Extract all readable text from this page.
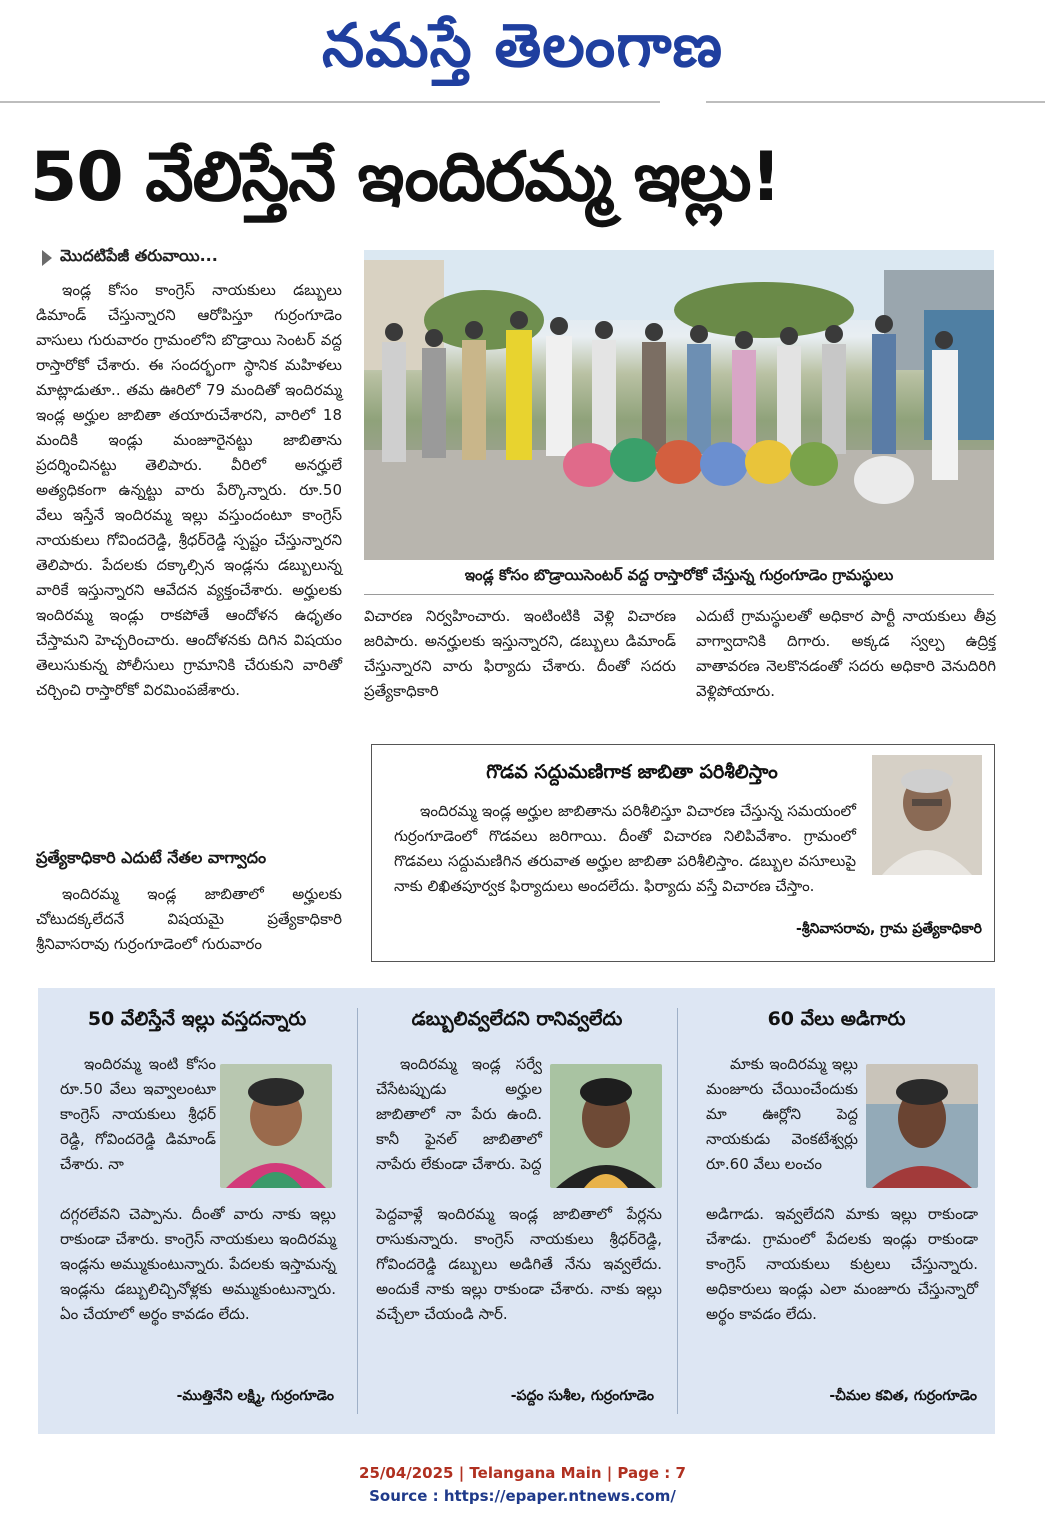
నమస్తే తెలంగాణ
50 వేలిస్తేనే ఇందిరమ్మ ఇల్లు!
మొదటిపేజీ తరువాయి...

ఇండ్ల కోసం కాంగ్రెస్ నాయకులు డబ్బులు డిమాండ్ చేస్తున్నారని ఆరోపిస్తూ గుర్రంగూడెం వాసులు గురువారం గ్రామంలోని బొడ్రాయి సెంటర్ వద్ద రాస్తారోకో చేశారు. ఈ సందర్భంగా స్థానిక మహిళలు మాట్లాడుతూ.. తమ ఊరిలో 79 మందితో ఇందిరమ్మ ఇండ్ల అర్హుల జాబితా తయారుచేశారని, వారిలో 18 మందికి ఇండ్లు మంజూరైనట్టు జాబితాను ప్రదర్శించినట్టు తెలిపారు. వీరిలో అనర్హులే అత్యధికంగా ఉన్నట్టు వారు పేర్కొన్నారు. రూ.50 వేలు ఇస్తేనే ఇందిరమ్మ ఇల్లు వస్తుందంటూ కాంగ్రెస్ నాయకులు గోవిందరెడ్డి, శ్రీధర్‌రెడ్డి స్పష్టం చేస్తున్నారని తెలిపారు. పేదలకు దక్కాల్సిన ఇండ్లను డబ్బులున్న వారికే ఇస్తున్నారని ఆవేదన వ్యక్తంచేశారు. అర్హులకు ఇందిరమ్మ ఇండ్లు రాకపోతే ఆందోళన ఉధృతం చేస్తామని హెచ్చరించారు. ఆందోళనకు దిగిన విషయం తెలుసుకున్న పోలీసులు గ్రామానికి చేరుకుని వారితో చర్చించి రాస్తారోకో విరమింపజేశారు.

ప్రత్యేకాధికారి ఎదుటే నేతల వాగ్వాదం

ఇందిరమ్మ ఇండ్ల జాబితాలో అర్హులకు చోటుదక్కలేదనే విషయమై ప్రత్యేకాధికారి శ్రీనివాసరావు గుర్రంగూడెంలో గురువారం

ఇండ్ల కోసం బొడ్రాయిసెంటర్ వద్ద రాస్తారోకో చేస్తున్న గుర్రంగూడెం గ్రామస్థులు
విచారణ నిర్వహించారు. ఇంటింటికి వెళ్లి విచారణ జరిపారు. అనర్హులకు ఇస్తున్నారని, డబ్బులు డిమాండ్ చేస్తున్నారని వారు ఫిర్యాదు చేశారు. దీంతో సదరు ప్రత్యేకాధికారి
ఎదుటే గ్రామస్థులతో అధికార పార్టీ నాయకులు తీవ్ర వాగ్వాదానికి దిగారు. అక్కడ స్వల్ప ఉద్రిక్త వాతావరణ నెలకొనడంతో సదరు అధికారి వెనుదిరిగి వెళ్లిపోయారు.
గొడవ సద్దుమణిగాక జాబితా పరిశీలిస్తాం

ఇందిరమ్మ ఇండ్ల అర్హుల జాబితాను పరిశీలిస్తూ విచారణ చేస్తున్న సమయంలో గుర్రంగూడెంలో గొడవలు జరిగాయి. దీంతో విచారణ నిలిపివేశాం. గ్రామంలో గొడవలు సద్దుమణిగిన తరువాత అర్హుల జాబితా పరిశీలిస్తాం. డబ్బుల వసూలుపై నాకు లిఖితపూర్వక ఫిర్యాదులు అందలేదు. ఫిర్యాదు వస్తే విచారణ చేస్తాం.

-శ్రీనివాసరావు, గ్రామ ప్రత్యేకాధికారి
50 వేలిస్తేనే ఇల్లు వస్తదన్నారు
ఇందిరమ్మ ఇంటి కోసం రూ.50 వేలు ఇవ్వాలంటూ కాంగ్రెస్ నాయకులు శ్రీధర్ రెడ్డి, గోవిందరెడ్డి డిమాండ్ చేశారు. నా
దగ్గరలేవని చెప్పాను. దీంతో వారు నాకు ఇల్లు రాకుండా చేశారు. కాంగ్రెస్ నాయకులు ఇందిరమ్మ ఇండ్లను అమ్ముకుంటున్నారు. పేదలకు ఇస్తామన్న ఇండ్లను డబ్బులిచ్చినోళ్లకు అమ్ముకుంటున్నారు. ఏం చేయాలో అర్థం కావడం లేదు.
-ముత్తినేని లక్ష్మి, గుర్రంగూడెం
డబ్బులివ్వలేదని రానివ్వలేదు
ఇందిరమ్మ ఇండ్ల సర్వే చేసేటప్పుడు అర్హుల జాబితాలో నా పేరు ఉంది. కానీ ఫైనల్ జాబితాలో నాపేరు లేకుండా చేశారు. పెద్ద
పెద్దవాళ్లే ఇందిరమ్మ ఇండ్ల జాబితాలో పేర్లను రాసుకున్నారు. కాంగ్రెస్ నాయకులు శ్రీధర్‌రెడ్డి, గోవిందరెడ్డి డబ్బులు అడిగితే నేను ఇవ్వలేదు. అందుకే నాకు ఇల్లు రాకుండా చేశారు. నాకు ఇల్లు వచ్చేలా చేయండి సార్.
-పద్దం సుశీల, గుర్రంగూడెం
60 వేలు అడిగారు
మాకు ఇందిరమ్మ ఇల్లు మంజూరు చేయించేందుకు మా ఊర్లోని పెద్ద నాయకుడు వెంకటేశ్వర్లు రూ.60 వేలు లంచం
అడిగాడు. ఇవ్వలేదని మాకు ఇల్లు రాకుండా చేశాడు. గ్రామంలో పేదలకు ఇండ్లు రాకుండా కాంగ్రెస్ నాయకులు కుట్రలు చేస్తున్నారు. అధికారులు ఇండ్లు ఎలా మంజూరు చేస్తున్నారో అర్థం కావడం లేదు.
-చీమల కవిత, గుర్రంగూడెం
25/04/2025 | Telangana Main | Page : 7
Source : https://epaper.ntnews.com/
